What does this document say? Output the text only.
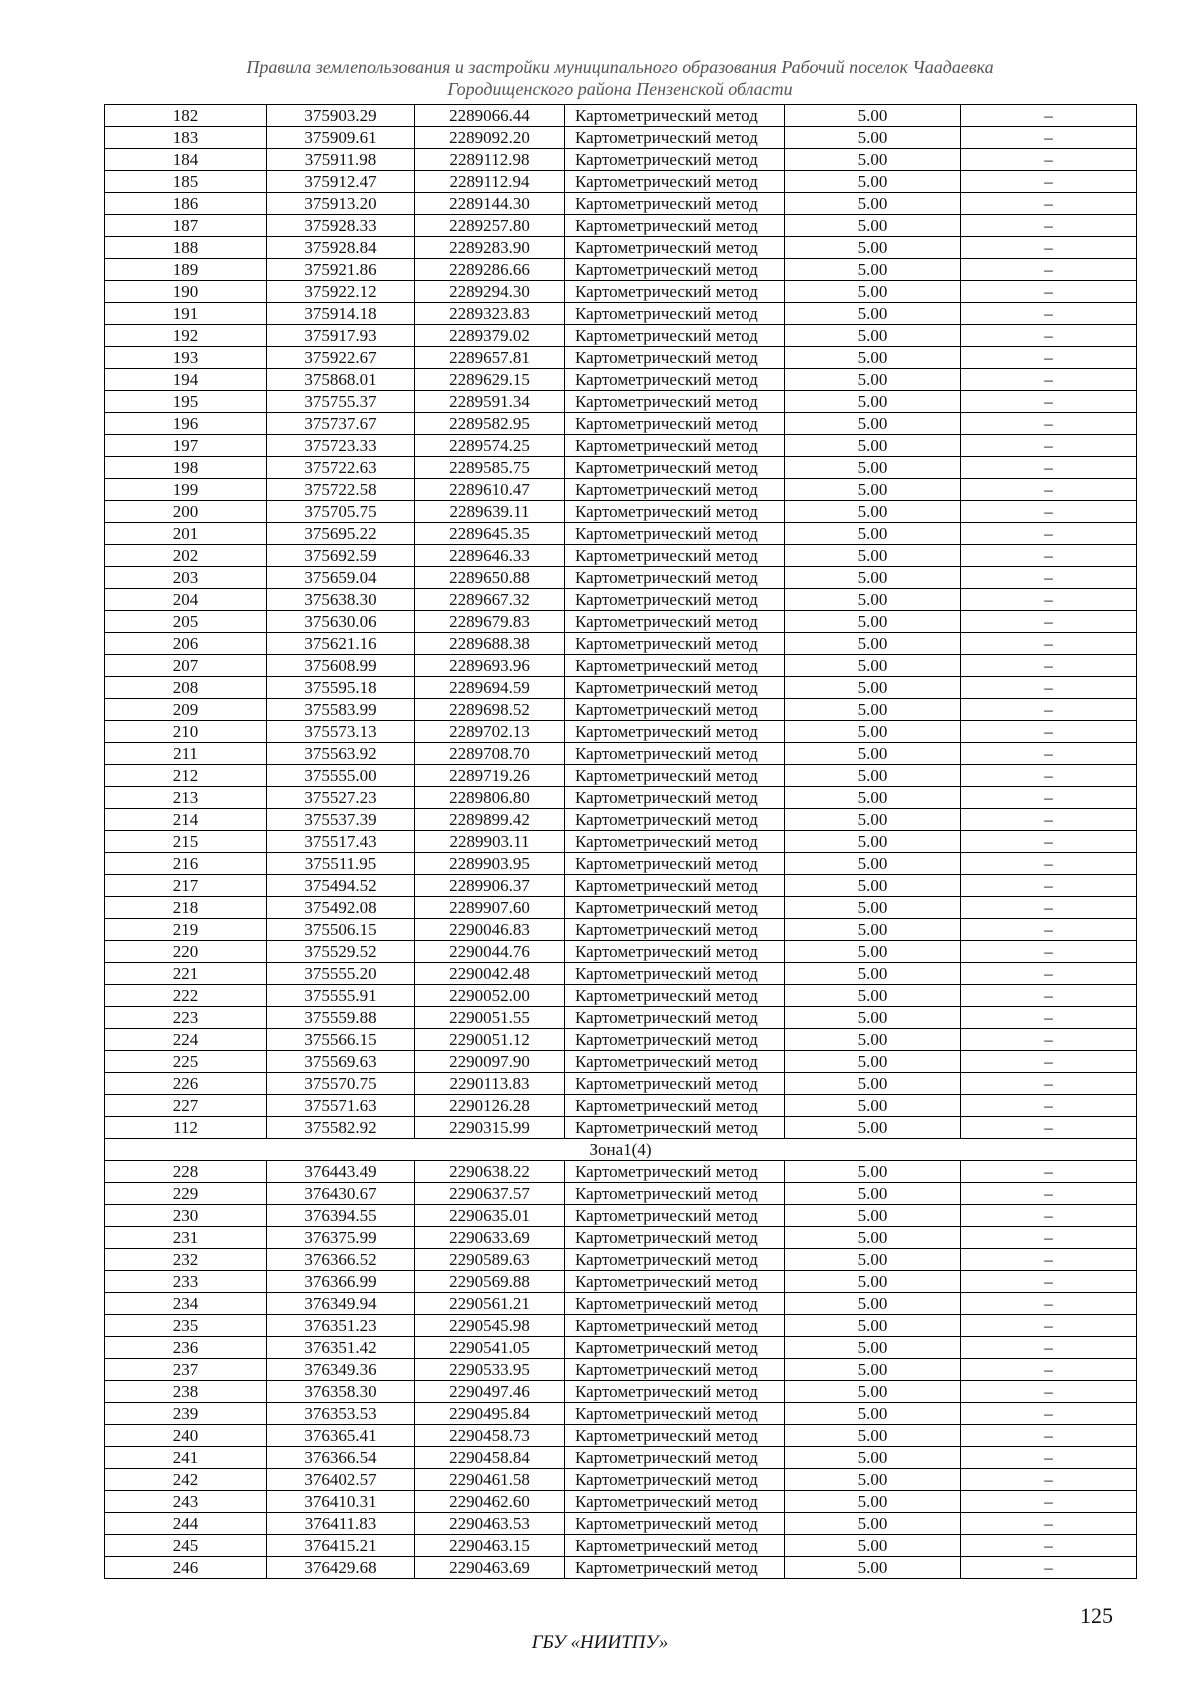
Правила землепользования и застройки муниципального образования Рабочий поселок Чаадаевка
Городищенского района Пензенской области
182	375903.29	2289066.44	Картометрический метод	5.00	–
183	375909.61	2289092.20	Картометрический метод	5.00	–
184	375911.98	2289112.98	Картометрический метод	5.00	–
185	375912.47	2289112.94	Картометрический метод	5.00	–
186	375913.20	2289144.30	Картометрический метод	5.00	–
187	375928.33	2289257.80	Картометрический метод	5.00	–
188	375928.84	2289283.90	Картометрический метод	5.00	–
189	375921.86	2289286.66	Картометрический метод	5.00	–
190	375922.12	2289294.30	Картометрический метод	5.00	–
191	375914.18	2289323.83	Картометрический метод	5.00	–
192	375917.93	2289379.02	Картометрический метод	5.00	–
193	375922.67	2289657.81	Картометрический метод	5.00	–
194	375868.01	2289629.15	Картометрический метод	5.00	–
195	375755.37	2289591.34	Картометрический метод	5.00	–
196	375737.67	2289582.95	Картометрический метод	5.00	–
197	375723.33	2289574.25	Картометрический метод	5.00	–
198	375722.63	2289585.75	Картометрический метод	5.00	–
199	375722.58	2289610.47	Картометрический метод	5.00	–
200	375705.75	2289639.11	Картометрический метод	5.00	–
201	375695.22	2289645.35	Картометрический метод	5.00	–
202	375692.59	2289646.33	Картометрический метод	5.00	–
203	375659.04	2289650.88	Картометрический метод	5.00	–
204	375638.30	2289667.32	Картометрический метод	5.00	–
205	375630.06	2289679.83	Картометрический метод	5.00	–
206	375621.16	2289688.38	Картометрический метод	5.00	–
207	375608.99	2289693.96	Картометрический метод	5.00	–
208	375595.18	2289694.59	Картометрический метод	5.00	–
209	375583.99	2289698.52	Картометрический метод	5.00	–
210	375573.13	2289702.13	Картометрический метод	5.00	–
211	375563.92	2289708.70	Картометрический метод	5.00	–
212	375555.00	2289719.26	Картометрический метод	5.00	–
213	375527.23	2289806.80	Картометрический метод	5.00	–
214	375537.39	2289899.42	Картометрический метод	5.00	–
215	375517.43	2289903.11	Картометрический метод	5.00	–
216	375511.95	2289903.95	Картометрический метод	5.00	–
217	375494.52	2289906.37	Картометрический метод	5.00	–
218	375492.08	2289907.60	Картометрический метод	5.00	–
219	375506.15	2290046.83	Картометрический метод	5.00	–
220	375529.52	2290044.76	Картометрический метод	5.00	–
221	375555.20	2290042.48	Картометрический метод	5.00	–
222	375555.91	2290052.00	Картометрический метод	5.00	–
223	375559.88	2290051.55	Картометрический метод	5.00	–
224	375566.15	2290051.12	Картометрический метод	5.00	–
225	375569.63	2290097.90	Картометрический метод	5.00	–
226	375570.75	2290113.83	Картометрический метод	5.00	–
227	375571.63	2290126.28	Картометрический метод	5.00	–
112	375582.92	2290315.99	Картометрический метод	5.00	–
Зона1(4)					
228	376443.49	2290638.22	Картометрический метод	5.00	–
229	376430.67	2290637.57	Картометрический метод	5.00	–
230	376394.55	2290635.01	Картометрический метод	5.00	–
231	376375.99	2290633.69	Картометрический метод	5.00	–
232	376366.52	2290589.63	Картометрический метод	5.00	–
233	376366.99	2290569.88	Картометрический метод	5.00	–
234	376349.94	2290561.21	Картометрический метод	5.00	–
235	376351.23	2290545.98	Картометрический метод	5.00	–
236	376351.42	2290541.05	Картометрический метод	5.00	–
237	376349.36	2290533.95	Картометрический метод	5.00	–
238	376358.30	2290497.46	Картометрический метод	5.00	–
239	376353.53	2290495.84	Картометрический метод	5.00	–
240	376365.41	2290458.73	Картометрический метод	5.00	–
241	376366.54	2290458.84	Картометрический метод	5.00	–
242	376402.57	2290461.58	Картометрический метод	5.00	–
243	376410.31	2290462.60	Картометрический метод	5.00	–
244	376411.83	2290463.53	Картометрический метод	5.00	–
245	376415.21	2290463.15	Картометрический метод	5.00	–
246	376429.68	2290463.69	Картометрический метод	5.00	–
125
ГБУ «НИИТПУ»
